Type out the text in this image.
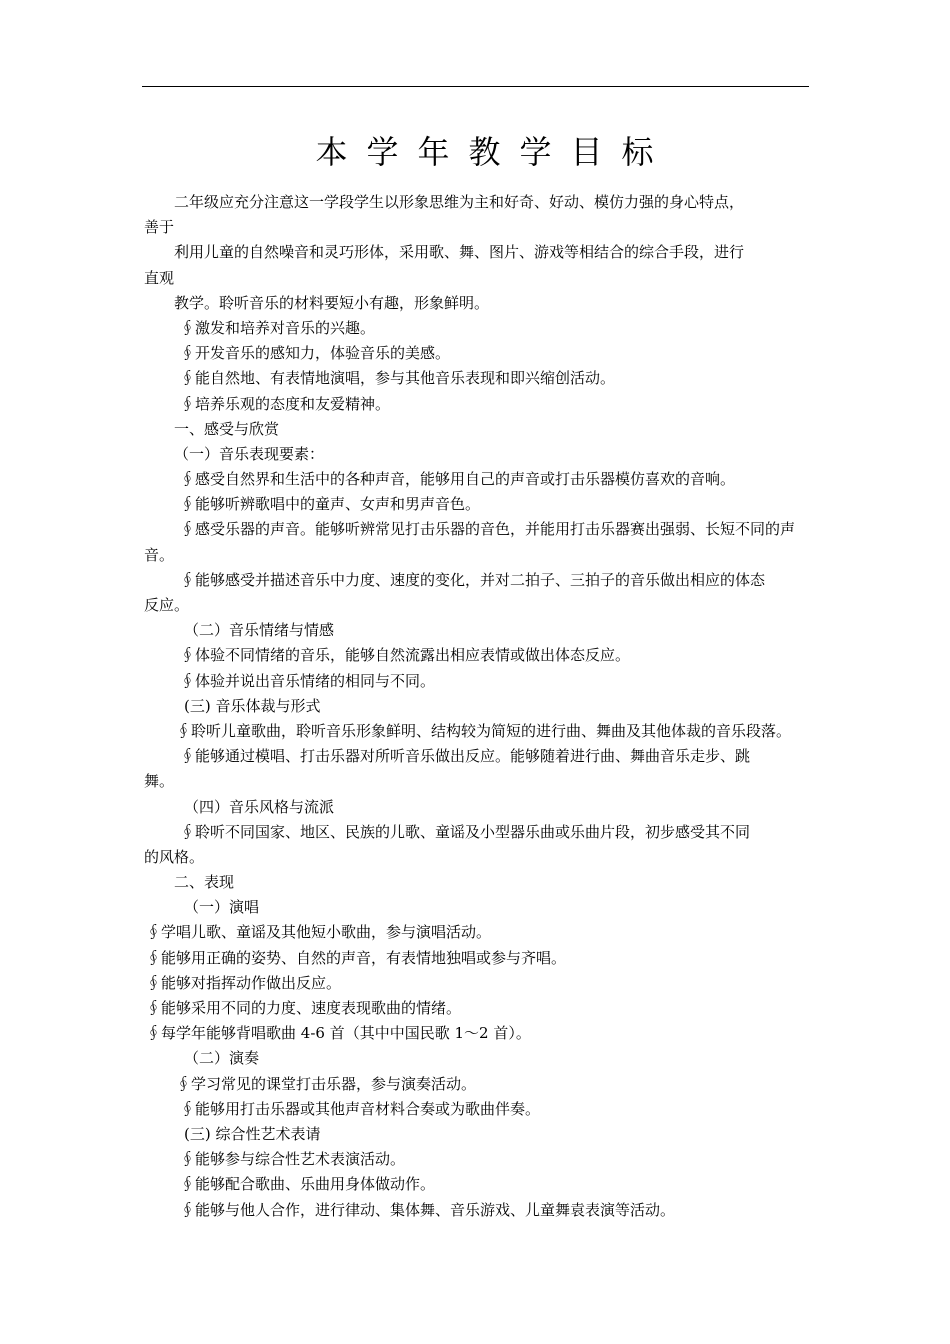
本学年教学目标
二年级应充分注意这一学段学生以形象思维为主和好奇、好动、模仿力强的身心特点，
善于
利用儿童的自然噪音和灵巧形体，采用歌、舞、图片、游戏等相结合的综合手段，进行
直观
教学。聆听音乐的材料要短小有趣，形象鲜明。
∮激发和培养对音乐的兴趣。
∮开发音乐的感知力，体验音乐的美感。
∮能自然地、有表情地演唱，参与其他音乐表现和即兴缩创活动。
∮培养乐观的态度和友爱精神。
一、感受与欣赏
（一）音乐表现要素：
∮感受自然界和生活中的各种声音，能够用自己的声音或打击乐器模仿喜欢的音响。
∮能够听辨歌唱中的童声、女声和男声音色。
∮感受乐器的声音。能够听辨常见打击乐器的音色，并能用打击乐器赛出强弱、长短不同的声
音。
∮能够感受并描述音乐中力度、速度的变化，并对二拍子、三拍子的音乐做出相应的体态
反应。
（二）音乐情绪与情感
∮体验不同情绪的音乐，能够自然流露出相应表情或做出体态反应。
∮体验并说出音乐情绪的相同与不同。
(三) 音乐体裁与形式
∮聆听儿童歌曲，聆听音乐形象鲜明、结构较为简短的进行曲、舞曲及其他体裁的音乐段落。
∮能够通过模唱、打击乐器对所听音乐做出反应。能够随着进行曲、舞曲音乐走步、跳
舞。
（四）音乐风格与流派
∮聆听不同国家、地区、民族的儿歌、童谣及小型器乐曲或乐曲片段，初步感受其不同
的风格。
二、表现
（一）演唱
∮学唱儿歌、童谣及其他短小歌曲，参与演唱活动。
∮能够用正确的姿势、自然的声音，有表情地独唱或参与齐唱。
∮能够对指挥动作做出反应。
∮能够采用不同的力度、速度表现歌曲的情绪。
∮每学年能够背唱歌曲 4-6 首（其中中国民歌 1～2 首）。
（二）演奏
∮学习常见的课堂打击乐器，参与演奏活动。
∮能够用打击乐器或其他声音材料合奏或为歌曲伴奏。
(三) 综合性艺术表请
∮能够参与综合性艺术表演活动。
∮能够配合歌曲、乐曲用身体做动作。
∮能够与他人合作，进行律动、集体舞、音乐游戏、儿童舞袁表演等活动。
